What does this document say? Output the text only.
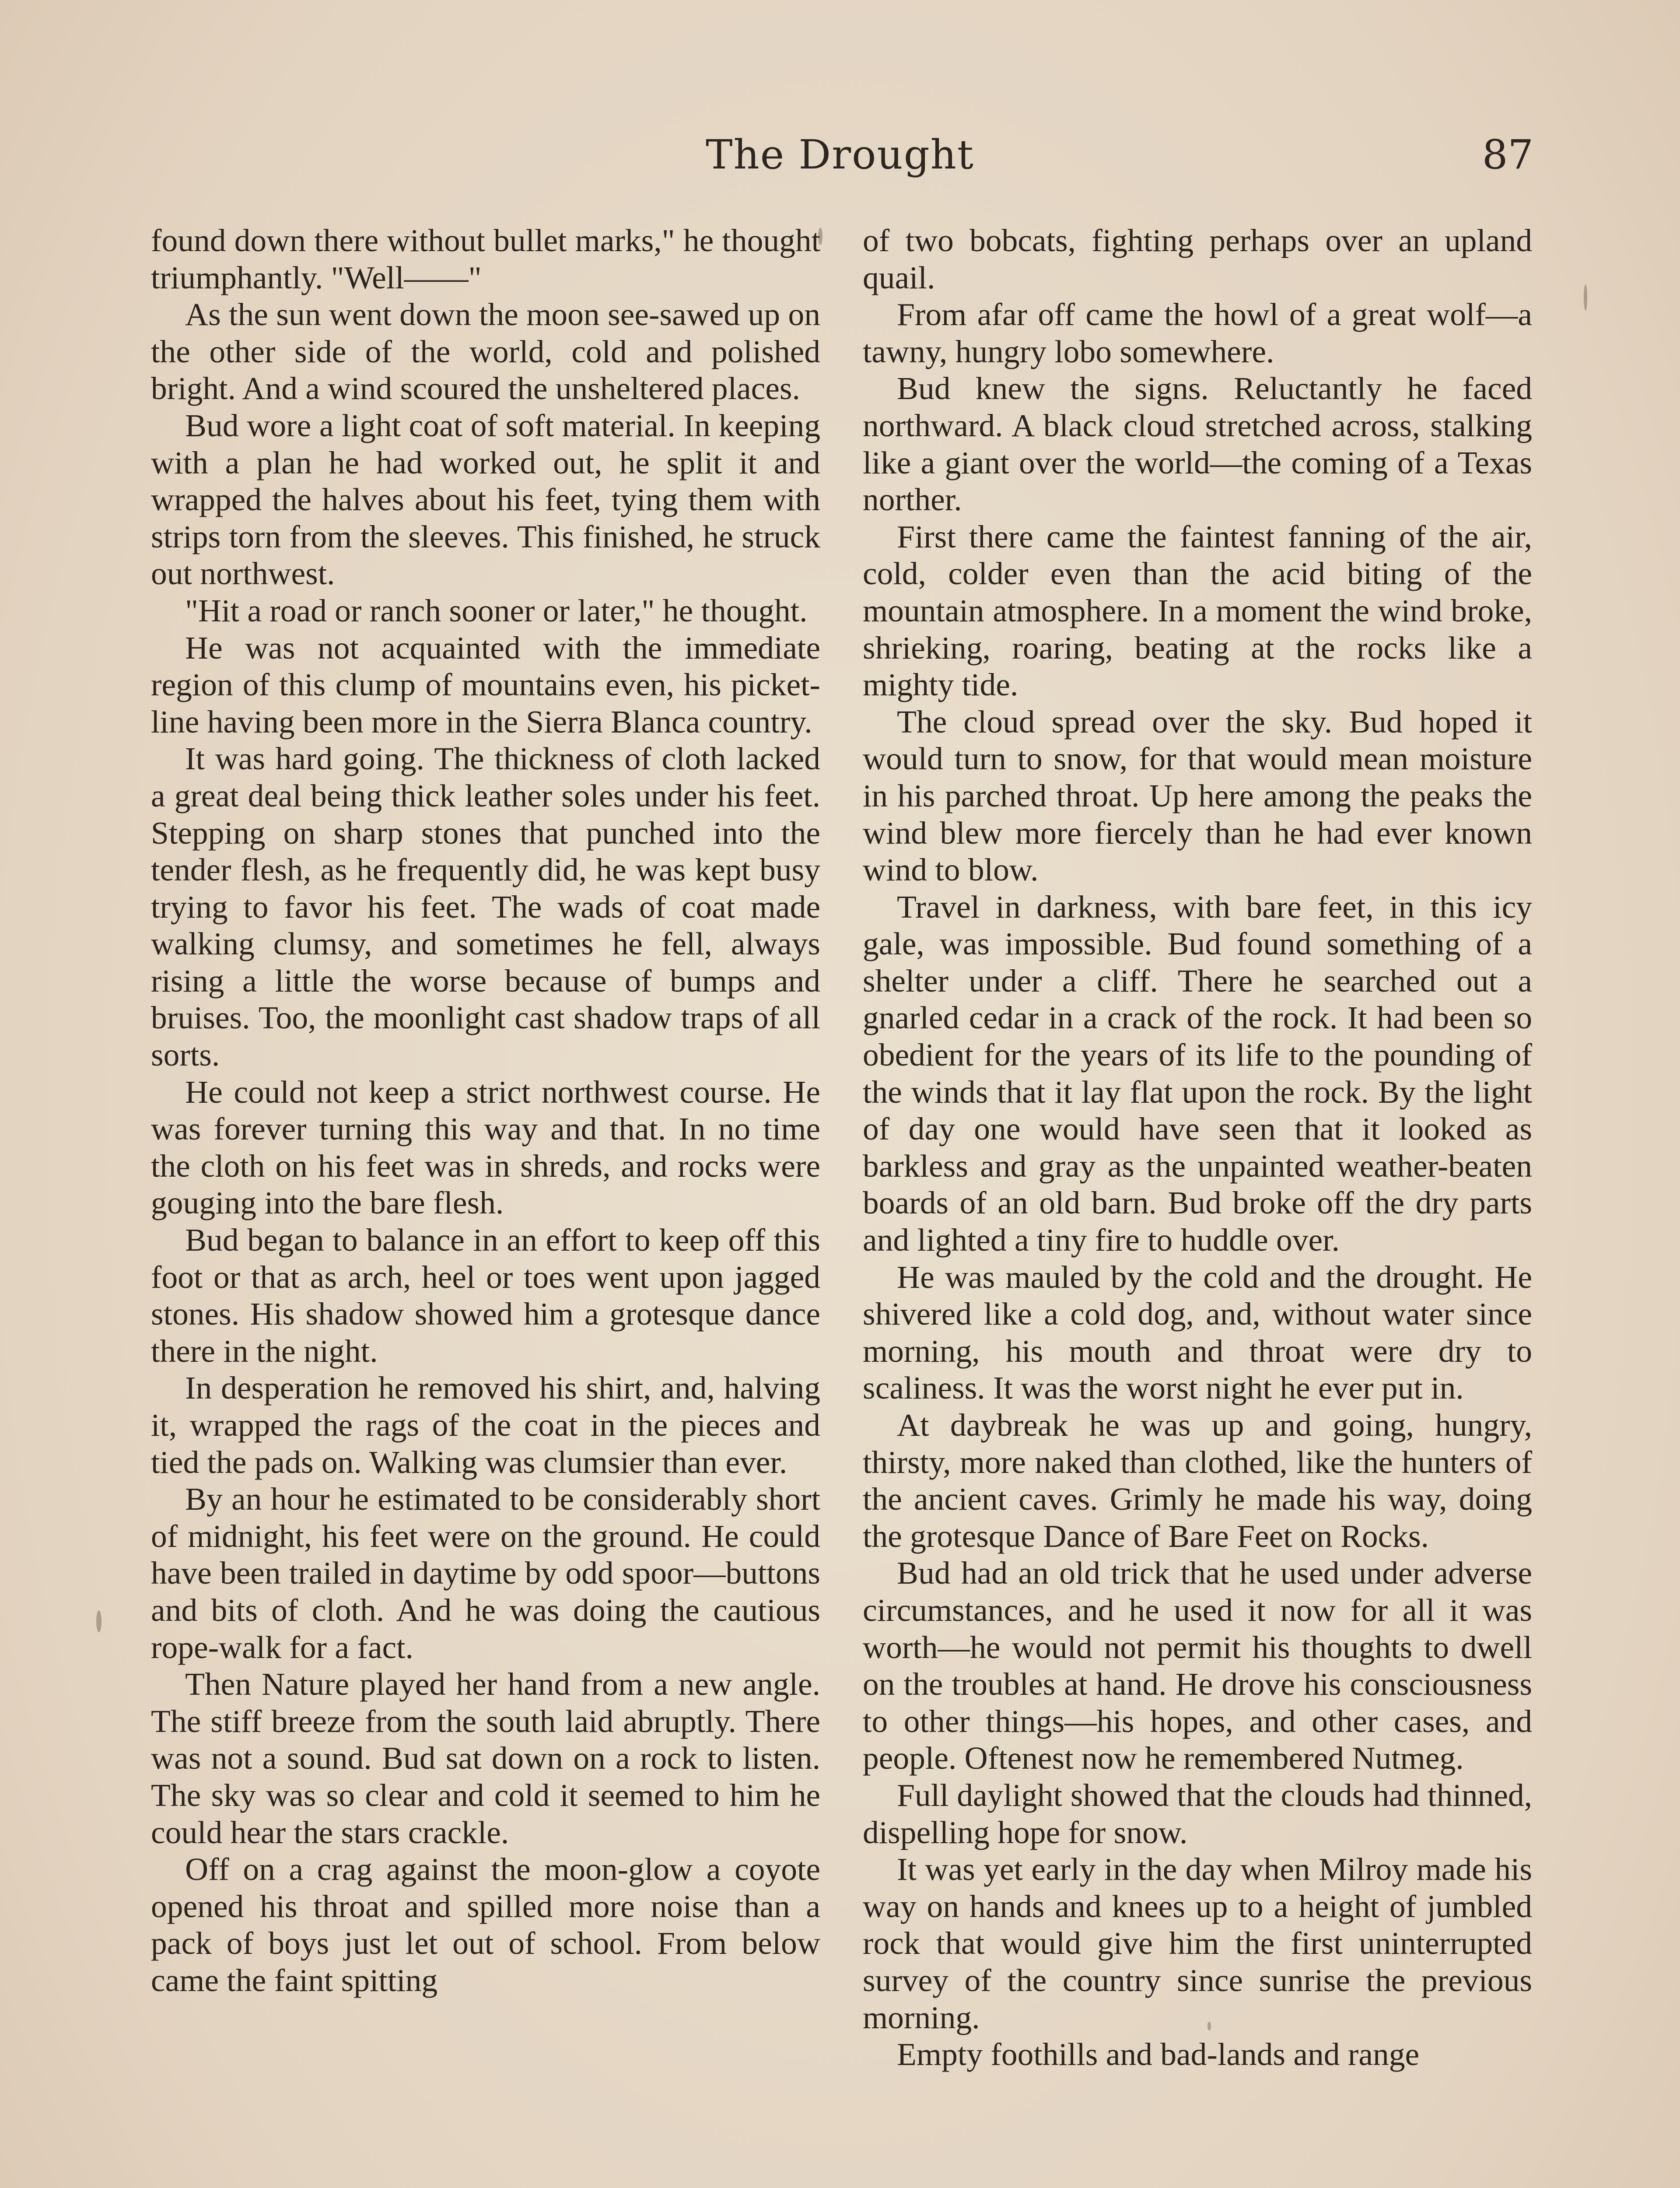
The Drought	87

found down there without bullet marks," he thought triumphantly. "Well——"

As the sun went down the moon see-sawed up on the other side of the world, cold and polished bright. And a wind scoured the unsheltered places.

Bud wore a light coat of soft material. In keeping with a plan he had worked out, he split it and wrapped the halves about his feet, tying them with strips torn from the sleeves. This finished, he struck out northwest.

"Hit a road or ranch sooner or later," he thought.

He was not acquainted with the immediate region of this clump of mountains even, his picket-line having been more in the Sierra Blanca country.

It was hard going. The thickness of cloth lacked a great deal being thick leather soles under his feet. Stepping on sharp stones that punched into the tender flesh, as he frequently did, he was kept busy trying to favor his feet. The wads of coat made walking clumsy, and sometimes he fell, always rising a little the worse because of bumps and bruises. Too, the moonlight cast shadow traps of all sorts.

He could not keep a strict northwest course. He was forever turning this way and that. In no time the cloth on his feet was in shreds, and rocks were gouging into the bare flesh.

Bud began to balance in an effort to keep off this foot or that as arch, heel or toes went upon jagged stones. His shadow showed him a grotesque dance there in the night.

In desperation he removed his shirt, and, halving it, wrapped the rags of the coat in the pieces and tied the pads on. Walking was clumsier than ever.

By an hour he estimated to be considerably short of midnight, his feet were on the ground. He could have been trailed in daytime by odd spoor—buttons and bits of cloth. And he was doing the cautious rope-walk for a fact.

Then Nature played her hand from a new angle. The stiff breeze from the south laid abruptly. There was not a sound. Bud sat down on a rock to listen. The sky was so clear and cold it seemed to him he could hear the stars crackle.

Off on a crag against the moon-glow a coyote opened his throat and spilled more noise than a pack of boys just let out of school. From below came the faint spitting

of two bobcats, fighting perhaps over an upland quail.

From afar off came the howl of a great wolf—a tawny, hungry lobo somewhere.

Bud knew the signs. Reluctantly he faced northward. A black cloud stretched across, stalking like a giant over the world—the coming of a Texas norther.

First there came the faintest fanning of the air, cold, colder even than the acid biting of the mountain atmosphere. In a moment the wind broke, shrieking, roaring, beating at the rocks like a mighty tide.

The cloud spread over the sky. Bud hoped it would turn to snow, for that would mean moisture in his parched throat. Up here among the peaks the wind blew more fiercely than he had ever known wind to blow.

Travel in darkness, with bare feet, in this icy gale, was impossible. Bud found something of a shelter under a cliff. There he searched out a gnarled cedar in a crack of the rock. It had been so obedient for the years of its life to the pounding of the winds that it lay flat upon the rock. By the light of day one would have seen that it looked as barkless and gray as the unpainted weather-beaten boards of an old barn. Bud broke off the dry parts and lighted a tiny fire to huddle over.

He was mauled by the cold and the drought. He shivered like a cold dog, and, without water since morning, his mouth and throat were dry to scaliness. It was the worst night he ever put in.

At daybreak he was up and going, hungry, thirsty, more naked than clothed, like the hunters of the ancient caves. Grimly he made his way, doing the grotesque Dance of Bare Feet on Rocks.

Bud had an old trick that he used under adverse circumstances, and he used it now for all it was worth—he would not permit his thoughts to dwell on the troubles at hand. He drove his consciousness to other things—his hopes, and other cases, and people. Oftenest now he remembered Nutmeg.

Full daylight showed that the clouds had thinned, dispelling hope for snow.

It was yet early in the day when Milroy made his way on hands and knees up to a height of jumbled rock that would give him the first uninterrupted survey of the country since sunrise the previous morning.

Empty foothills and bad-lands and range
